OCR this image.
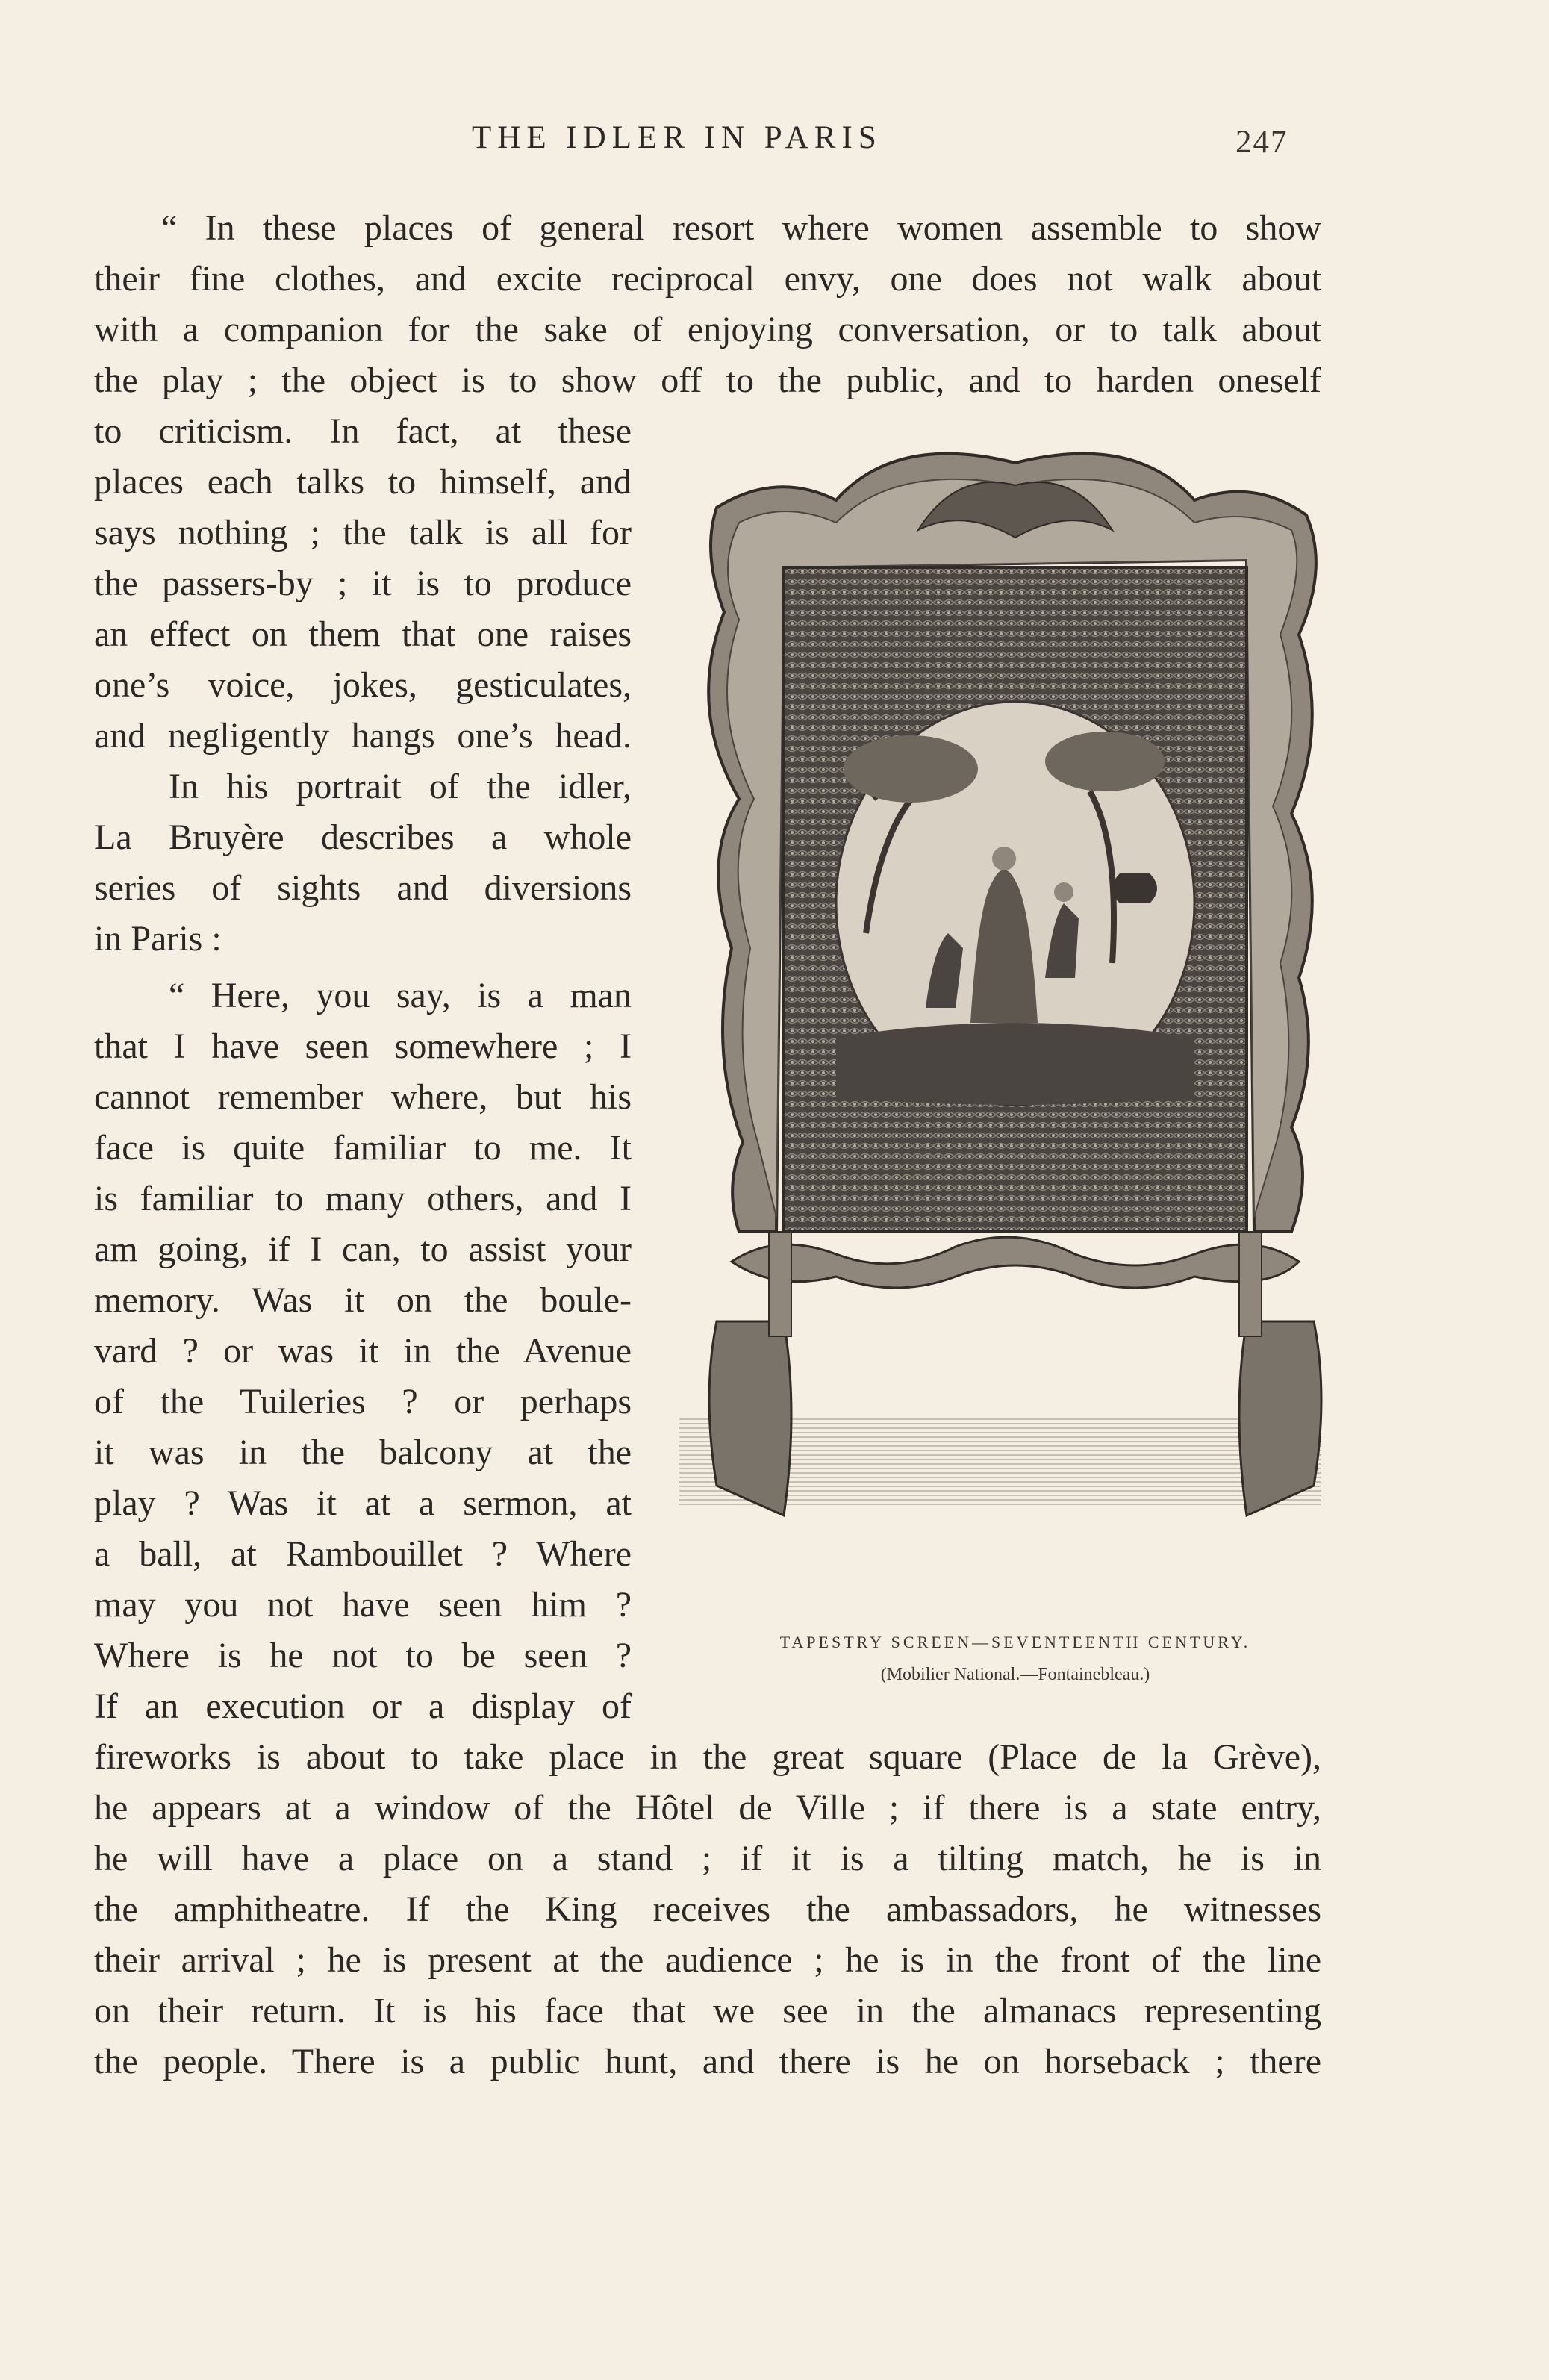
THE IDLER IN PARIS	247
“ In these places of general resort where women assemble to show
their fine clothes, and excite reciprocal envy, one does not walk about
with a companion for the sake of enjoying conversation, or to talk about
the play ; the object is to show off to the public, and to harden oneself
to criticism. In fact, at these
places each talks to himself, and
says nothing ; the talk is all for
the passers-by ; it is to produce
an effect on them that one raises
one’s voice, jokes, gesticulates,
and negligently hangs one’s head.
In his portrait of the idler,
La Bruyère describes a whole
series of sights and diversions
in Paris :
“ Here, you say, is a man
that I have seen somewhere ; I
cannot remember where, but his
face is quite familiar to me. It
is familiar to many others, and I
am going, if I can, to assist your
memory. Was it on the boule-
vard ? or was it in the Avenue
of the Tuileries ? or perhaps
it was in the balcony at the
play ? Was it at a sermon, at
a ball, at Rambouillet ? Where
may you not have seen him ?
Where is he not to be seen ?
If an execution or a display of
fireworks is about to take place in the great square (Place de la Grève),
he appears at a window of the Hôtel de Ville ; if there is a state entry,
he will have a place on a stand ; if it is a tilting match, he is in
the amphitheatre. If the King receives the ambassadors, he witnesses
their arrival ; he is present at the audience ; he is in the front of the line
on their return. It is his face that we see in the almanacs representing
the people. There is a public hunt, and there is he on horseback ; there
TAPESTRY SCREEN—SEVENTEENTH CENTURY.
(Mobilier National.—Fontainebleau.)
